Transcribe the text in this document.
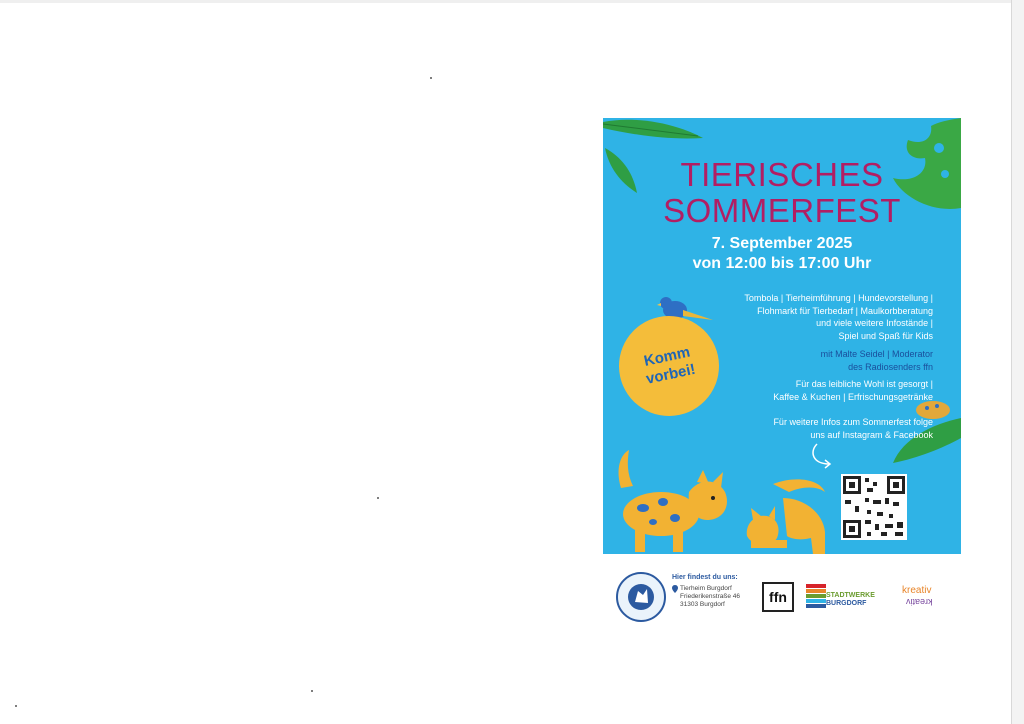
TIERISCHES
SOMMERFEST
7. September 2025
von 12:00 bis 17:00 Uhr
Tombola | Tierheimführung | Hundevorstellung |
Flohmarkt für Tierbedarf | Maulkorbberatung
und viele weitere Infostände |
Spiel und Spaß für Kids
mit Malte Seidel | Moderator
des Radiosenders ffn
Für das leibliche Wohl ist gesorgt |
Kaffee & Kuchen | Erfrischungsgetränke
Für weitere Infos zum Sommerfest folge
uns auf Instagram & Facebook
Komm
vorbei!
Hier findest du uns:
Tierheim Burgdorf
Friederikenstraße 46
31303 Burgdorf	ffn	STADTWERKE
BURGDORF
kreativ
kreativ
